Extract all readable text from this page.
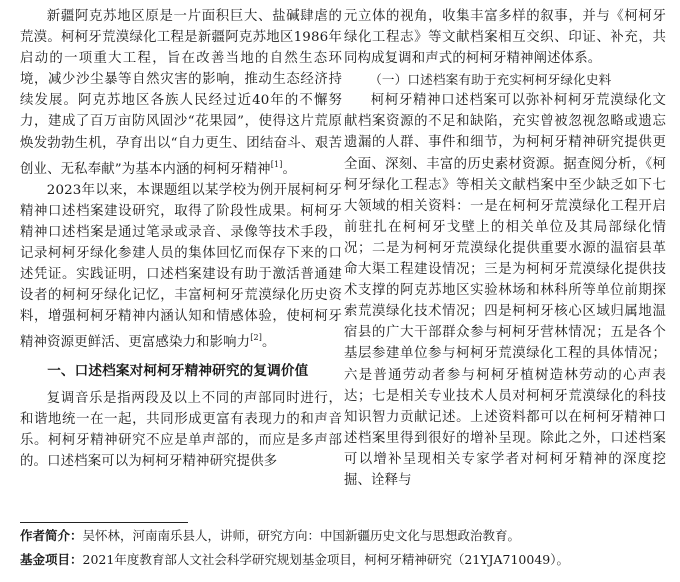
新疆阿克苏地区原是一片面积巨大、盐碱肆虐的荒漠。柯柯牙荒漠绿化工程是新疆阿克苏地区1986年启动的一项重大工程，旨在改善当地的自然生态环境，减少沙尘暴等自然灾害的影响，推动生态经济持续发展。阿克苏地区各族人民经过近40年的不懈努力，建成了百万亩防风固沙“花果园”，使得这片荒原焕发勃勃生机，孕育出以“自力更生、团结奋斗、艰苦创业、无私奉献”为基本内涵的柯柯牙精神[1]。

2023年以来，本课题组以某学校为例开展柯柯牙精神口述档案建设研究，取得了阶段性成果。柯柯牙精神口述档案是通过笔录或录音、录像等技术手段，记录柯柯牙绿化参建人员的集体回忆而保存下来的口述凭证。实践证明，口述档案建设有助于激活普通建设者的柯柯牙绿化记忆，丰富柯柯牙荒漠绿化历史资料，增强柯柯牙精神内涵认知和情感体验，使柯柯牙精神资源更鲜活、更富感染力和影响力[2]。

一、口述档案对柯柯牙精神研究的复调价值

复调音乐是指两段及以上不同的声部同时进行，和谐地统一在一起，共同形成更富有表现力的和声音乐。柯柯牙精神研究不应是单声部的，而应是多声部的。口述档案可以为柯柯牙精神研究提供多

元立体的视角，收集丰富多样的叙事，并与《柯柯牙绿化工程志》等文献档案相互交织、印证、补充，共同构成复调和声式的柯柯牙精神阐述体系。

（一）口述档案有助于充实柯柯牙绿化史料

柯柯牙精神口述档案可以弥补柯柯牙荒漠绿化文献档案资源的不足和缺陷，充实曾被忽视忽略或遗忘遗漏的人群、事件和细节，为柯柯牙精神研究提供更全面、深刻、丰富的历史素材资源。据查阅分析，《柯柯牙绿化工程志》等相关文献档案中至少缺乏如下七大领域的相关资料：一是在柯柯牙荒漠绿化工程开启前驻扎在柯柯牙戈壁上的相关单位及其局部绿化情况；二是为柯柯牙荒漠绿化提供重要水源的温宿县革命大渠工程建设情况；三是为柯柯牙荒漠绿化提供技术支撑的阿克苏地区实验林场和林科所等单位前期探索荒漠绿化技术情况；四是柯柯牙核心区域归属地温宿县的广大干部群众参与柯柯牙营林情况；五是各个基层参建单位参与柯柯牙荒漠绿化工程的具体情况；六是普通劳动者参与柯柯牙植树造林劳动的心声表达；七是相关专业技术人员对柯柯牙荒漠绿化的科技知识智力贡献记述。上述资料都可以在柯柯牙精神口述档案里得到很好的增补呈现。除此之外，口述档案可以增补呈现相关专家学者对柯柯牙精神的深度挖掘、诠释与

作者简介：吴怀林，河南南乐县人，讲师，研究方向：中国新疆历史文化与思想政治教育。
基金项目：2021年度教育部人文社会科学研究规划基金项目，柯柯牙精神研究（21YJA710049）。
